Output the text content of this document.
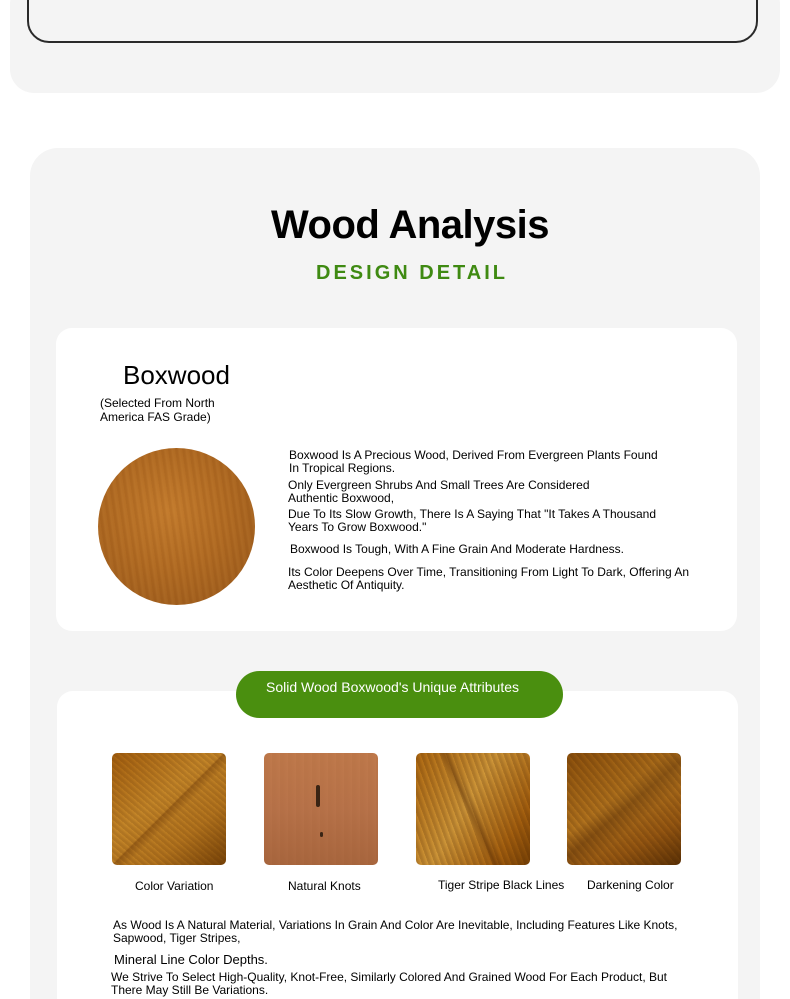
Wood Analysis
DESIGN DETAIL
Boxwood
(Selected From North America FAS Grade)
Boxwood Is A Precious Wood, Derived From Evergreen Plants Found In Tropical Regions.
Only Evergreen Shrubs And Small Trees Are Considered Authentic Boxwood,
Due To Its Slow Growth, There Is A Saying That "It Takes A Thousand Years To Grow Boxwood."
Boxwood Is Tough, With A Fine Grain And Moderate Hardness.
Its Color Deepens Over Time, Transitioning From Light To Dark, Offering An Aesthetic Of Antiquity.
Solid Wood Boxwood's Unique Attributes
Color Variation	Natural Knots	Tiger Stripe Black Lines Darkening Color
As Wood Is A Natural Material, Variations In Grain And Color Are Inevitable, Including Features Like Knots, Sapwood, Tiger Stripes,
Mineral Line Color Depths.
We Strive To Select High-Quality, Knot-Free, Similarly Colored And Grained Wood For Each Product, But There May Still Be Variations.
